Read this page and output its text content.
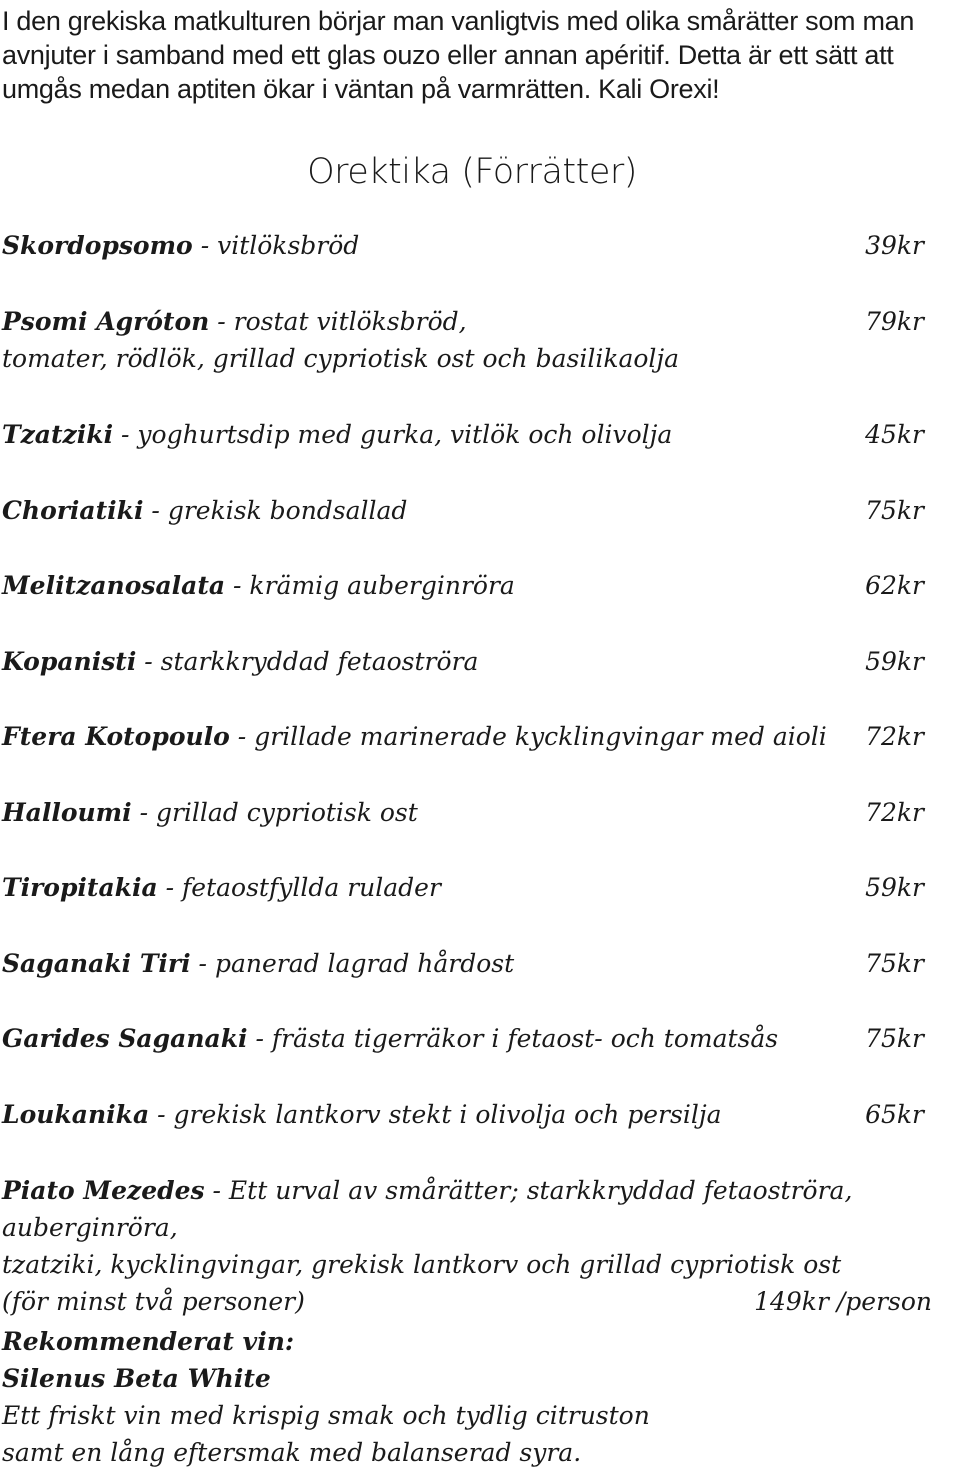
I den grekiska matkulturen börjar man vanligtvis med olika smårätter som man avnjuter i samband med ett glas ouzo eller annan apéritif. Detta är ett sätt att umgås medan aptiten ökar i väntan på varmrätten. Kali Orexi!
Orektika (Förrätter)
Skordopsomo - vitlöksbröd	39kr
Psomi Agróton - rostat vitlöksbröd,
tomater, rödlök, grillad cypriotisk ost och basilikaolja
79kr
Tzatziki - yoghurtsdip med gurka, vitlök och olivolja	45kr
Choriatiki - grekisk bondsallad	75kr
Melitzanosalata - krämig auberginröra	62kr
Kopanisti - starkkryddad fetaoströra	59kr
Ftera Kotopoulo - grillade marinerade kycklingvingar med aioli 72kr
Halloumi - grillad cypriotisk ost	72kr
Tiropitakia - fetaostfyllda rulader	59kr
Saganaki Tiri - panerad lagrad hårdost	75kr
Garides Saganaki - frästa tigerräkor i fetaost- och tomatsås	75kr
Loukanika - grekisk lantkorv stekt i olivolja och persilja	65kr
Piato Mezedes - Ett urval av smårätter; starkkryddad fetaoströra, auberginröra,
tzatziki, kycklingvingar, grekisk lantkorv och grillad cypriotisk ost
(för minst två personer)	149kr /person
Rekommenderat vin:
Silenus Beta White
Ett friskt vin med krispig smak och tydlig citruston
samt en lång eftersmak med balanserad syra.
